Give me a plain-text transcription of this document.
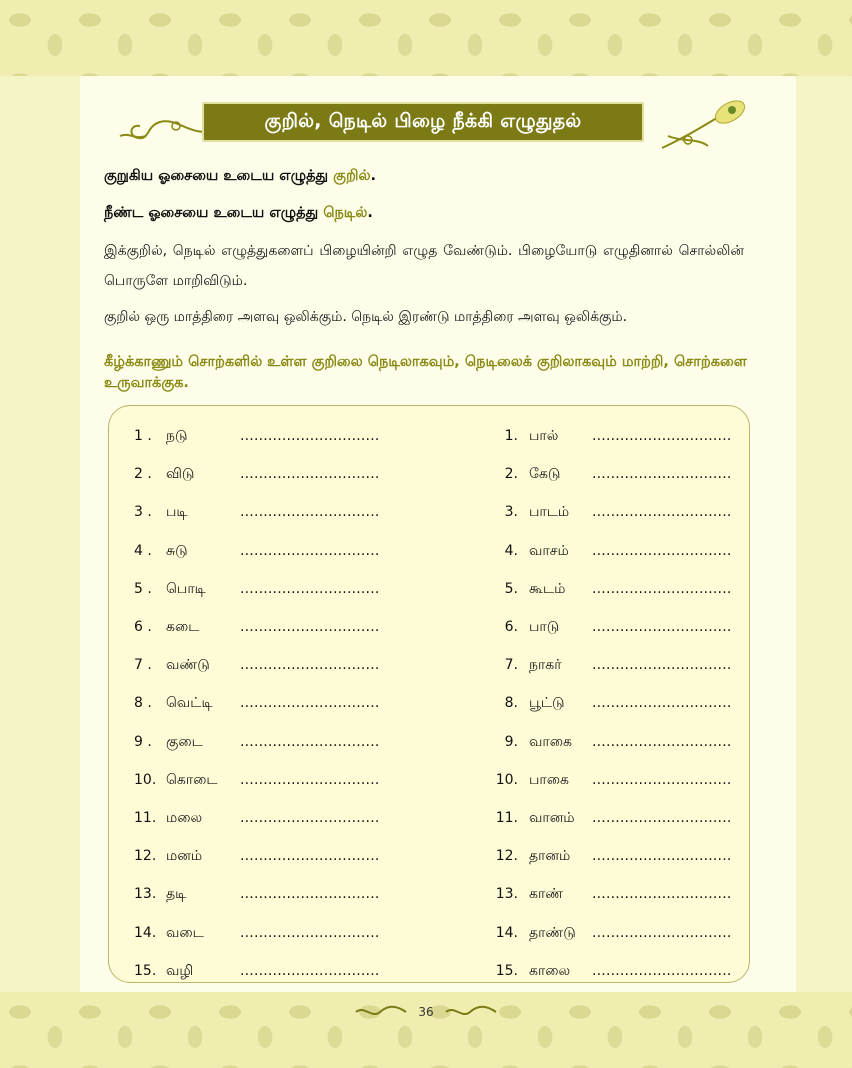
குறில், நெடில் பிழை நீக்கி எழுதுதல்
குறுகிய ஓசையை உடைய எழுத்து குறில்.
நீண்ட ஓசையை உடைய எழுத்து நெடில்.
இக்குறில், நெடில் எழுத்துகளைப் பிழையின்றி எழுத வேண்டும். பிழையோடு எழுதினால் சொல்லின் பொருளே மாறிவிடும்.
குறில் ஒரு மாத்திரை அளவு ஒலிக்கும். நெடில் இரண்டு மாத்திரை அளவு ஒலிக்கும்.
கீழ்க்காணும் சொற்களில் உள்ள குறிலை நெடிலாகவும், நெடிலைக் குறிலாகவும் மாற்றி, சொற்களை உருவாக்குக.
1 . நடு	..............................
2 . விடு	..............................
3 . படி	..............................
4 . சுடு	..............................
5 . பொடி ..............................
6 . கடை	..............................
7 . வண்டு ..............................
8 . வெட்டி ..............................
9 . குடை	..............................
10. கொடை ..............................
11. மலை	..............................
12. மனம்	..............................
13. தடி	..............................
14. வடை	..............................
15. வழி	..............................
1. பால் ..............................
2. கேடு ..............................
3. பாடம் ..............................
4. வாசம் ..............................
5. கூடம் ..............................
6. பாடு ..............................
7. நாகர் ..............................
8. பூட்டு ..............................
9. வாகை ..............................
10. பாகை ..............................
11. வானம் ..............................
12. தானம் ..............................
13. காண் ..............................
14. தாண்டு ..............................
15. காலை ..............................
36
